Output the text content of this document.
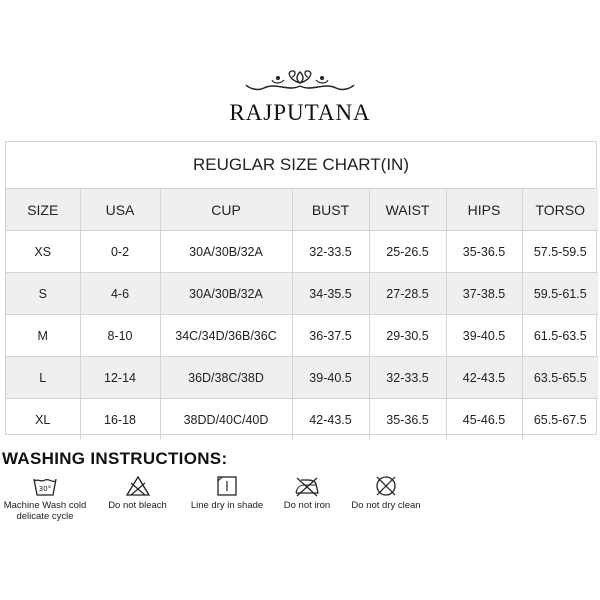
RAJPUTANA
REUGLAR SIZE CHART(IN)
SIZE	USA	CUP	BUST	WAIST	HIPS	TORSO
XS	0-2	30A/30B/32A	32-33.5	25-26.5	35-36.5	57.5-59.5
S	4-6	30A/30B/32A	34-35.5	27-28.5	37-38.5	59.5-61.5
M	8-10	34C/34D/36B/36C	36-37.5	29-30.5	39-40.5	61.5-63.5
L	12-14	36D/38C/38D	39-40.5	32-33.5	42-43.5	63.5-65.5
XL	16-18	38DD/40C/40D	42-43.5	35-36.5	45-46.5	65.5-67.5
WASHING INSTRUCTIONS:
30°
Machine Wash cold
delicate cycle
Do not bleach	Line dry in shade	Do not iron	Do not dry clean
